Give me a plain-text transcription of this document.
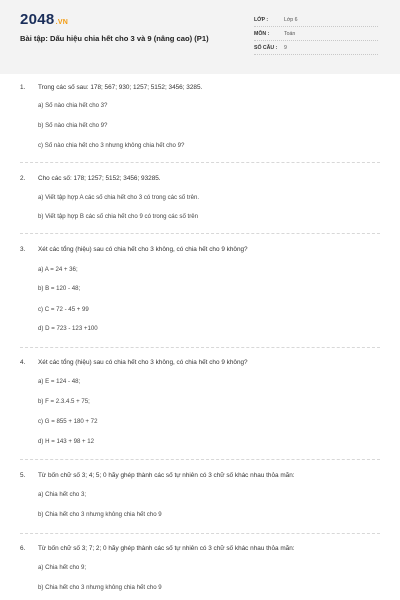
2048.VN
Bài tập: Dấu hiệu chia hết cho 3 và 9 (nâng cao) (P1)
LỚP :	Lớp 6
MÔN :	Toán
SỐ CÂU : 9
1. Trong các số sau: 178; 567; 930; 1257; 5152; 3456; 3285.
a) Số nào chia hết cho 3?
b) Số nào chia hết cho 9?
c) Số nào chia hết cho 3 nhưng không chia hết cho 9?
2. Cho các số: 178; 1257; 5152; 3456; 93285.
a) Viết tập hợp A các số chia hết cho 3 có trong các số trên.
b) Viết tập hợp B các số chia hết cho 9 có trong các số trên
3. Xét các tổng (hiệu) sau có chia hết cho 3 không, có chia hết cho 9 không?
a) A = 24 + 36;
b) B = 120 - 48;
c) C = 72 - 45 + 99
d) D = 723 - 123 +100
4. Xét các tổng (hiệu) sau có chia hết cho 3 không, có chia hết cho 9 không?
a) E = 124 - 48;
b) F = 2.3.4.5 + 75;
c) G = 855 + 180 + 72
d) H = 143 + 98 + 12
5. Từ bốn chữ số 3; 4; 5; 0 hãy ghép thành các số tự nhiên có 3 chữ số khác nhau thỏa mãn:
a) Chia hết cho 3;
b) Chia hết cho 3 nhưng không chia hết cho 9
6. Từ bốn chữ số 3; 7; 2; 0 hãy ghép thành các số tự nhiên có 3 chữ số khác nhau thỏa mãn:
a) Chia hết cho 9;
b) Chia hết cho 3 nhưng không chia hết cho 9
